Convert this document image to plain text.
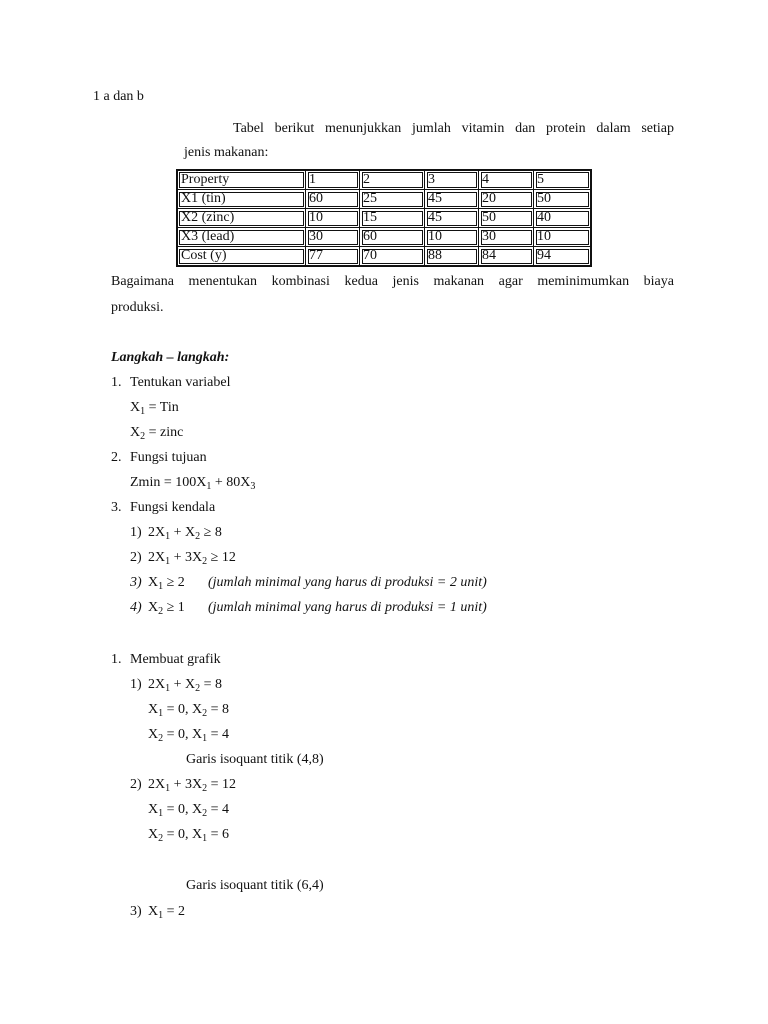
1 a dan b
Tabel berikut menunjukkan jumlah vitamin dan protein dalam setiap
jenis makanan:
Property	1	2	3	4	5
X1 (tin)	60	25	45	20	50
X2 (zinc)	10	15	45	50	40
X3 (lead)	30	60	10	30	10
Cost (y)	77	70	88	84	94
Bagaimana menentukan kombinasi kedua jenis makanan agar meminimumkan biaya
produksi.
Langkah – langkah:
1. Tentukan variabel
$X_1$ = Tin
$X_2$ = zinc
2. Fungsi tujuan
$Zmin = 100X_1 + 80X_3$
3. Fungsi kendala
1) $2X_1 + X_2 \ge 8$
2) $2X_1 + 3X_2 \ge 12$
3) $X_1 \ge 2$ (jumlah minimal yang harus di produksi = 2 unit)
4) $X_2 \ge 1$ (jumlah minimal yang harus di produksi = 1 unit)
1. Membuat grafik
1) $2X_1 + X_2 = 8$
$X_1 = 0$, $X_2 = 8$
$X_2 = 0$, $X_1 = 4$
Garis isoquant titik (4,8)
2) $2X_1 + 3X_2 = 12$
$X_1 = 0$, $X_2 = 4$
$X_2 = 0$, $X_1 = 6$
Garis isoquant titik (6,4)
3) $X_1 = 2$
